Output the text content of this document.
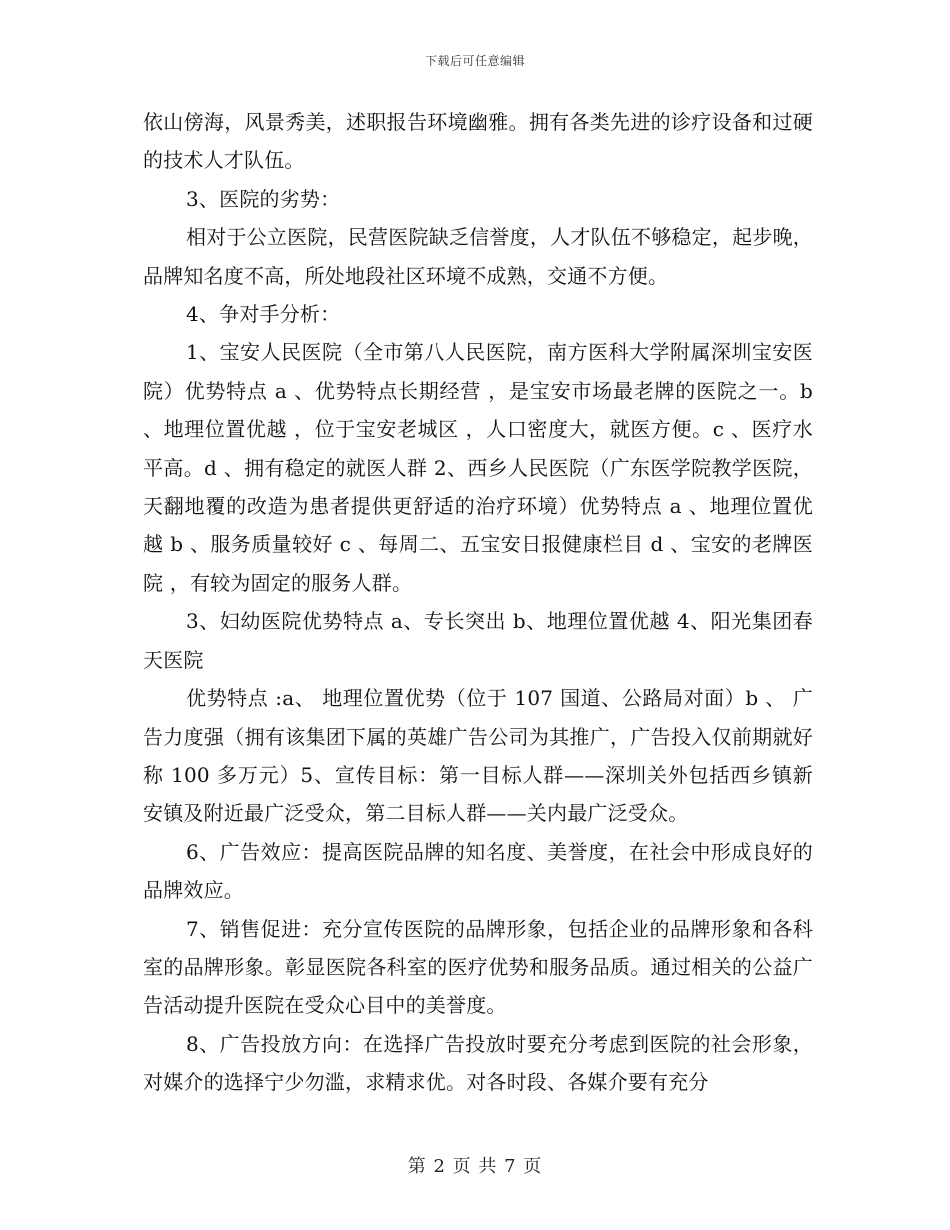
下载后可任意编辑

依山傍海，风景秀美，述职报告环境幽雅。拥有各类先进的诊疗设备和过硬的技术人才队伍。

3、医院的劣势：

相对于公立医院，民营医院缺乏信誉度，人才队伍不够稳定，起步晚，品牌知名度不高，所处地段社区环境不成熟，交通不方便。

4、争对手分析：

1、宝安人民医院（全市第八人民医院，南方医科大学附属深圳宝安医院）优势特点 a 、优势特点长期经营 ，是宝安市场最老牌的医院之一。b 、地理位置优越 ，位于宝安老城区 ，人口密度大，就医方便。c 、医疗水平高。d 、拥有稳定的就医人群 2、西乡人民医院（广东医学院教学医院，天翻地覆的改造为患者提供更舒适的治疗环境）优势特点 a 、地理位置优越 b 、服务质量较好 c 、每周二、五宝安日报健康栏目 d 、宝安的老牌医院 ，有较为固定的服务人群。

3、妇幼医院优势特点 a、专长突出 b、地理位置优越 4、阳光集团春天医院

优势特点 :a、 地理位置优势（位于 107 国道、公路局对面）b 、 广告力度强（拥有该集团下属的英雄广告公司为其推广，广告投入仅前期就好称 100 多万元）5、宣传目标：第一目标人群——深圳关外包括西乡镇新安镇及附近最广泛受众，第二目标人群——关内最广泛受众。

6、广告效应：提高医院品牌的知名度、美誉度，在社会中形成良好的品牌效应。

7、销售促进：充分宣传医院的品牌形象，包括企业的品牌形象和各科室的品牌形象。彰显医院各科室的医疗优势和服务品质。通过相关的公益广告活动提升医院在受众心目中的美誉度。

8、广告投放方向：在选择广告投放时要充分考虑到医院的社会形象，对媒介的选择宁少勿滥，求精求优。对各时段、各媒介要有充分

第 2 页 共 7 页
